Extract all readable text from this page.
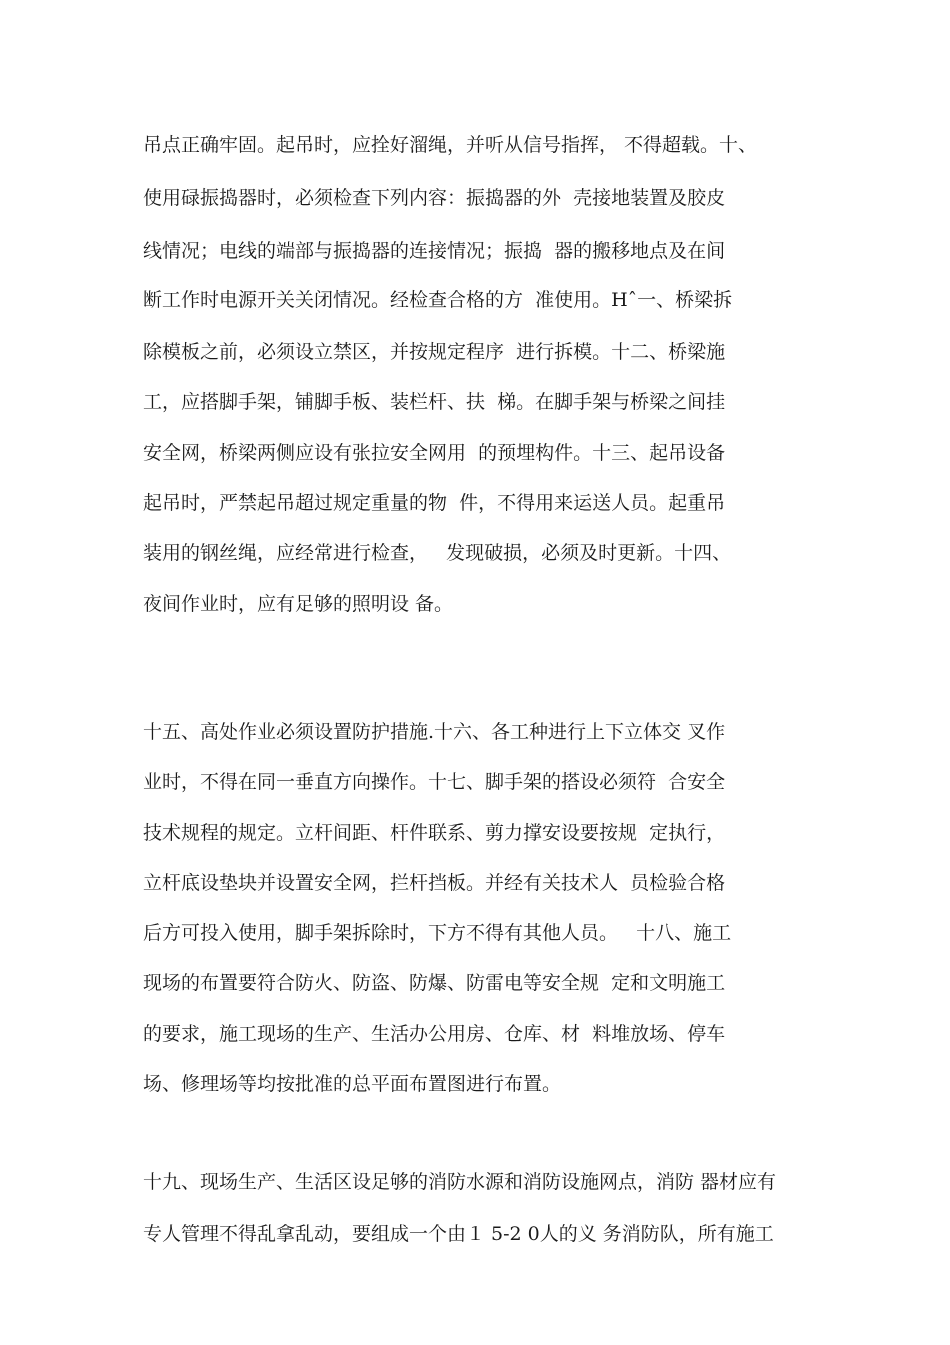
吊点正确牢固。起吊时，应拴好溜绳，并听从信号指挥， 不得超载。十、

使用碌振捣器时，必须检查下列内容：振捣器的外  壳接地装置及胶皮

线情况；电线的端部与振捣器的连接情况；振捣  器的搬移地点及在间

断工作时电源开关关闭情况。经检查合格的方  准使用。Hˆ一、桥梁拆

除模板之前，必须设立禁区，并按规定程序  进行拆模。十二、桥梁施

工，应搭脚手架，铺脚手板、装栏杆、扶  梯。在脚手架与桥梁之间挂

安全网，桥梁两侧应设有张拉安全网用  的预埋构件。十三、起吊设备

起吊时，严禁起吊超过规定重量的物  件，不得用来运送人员。起重吊

装用的钢丝绳，应经常进行检查，   发现破损，必须及时更新。十四、

夜间作业时，应有足够的照明设 备。

十五、高处作业必须设置防护措施.十六、各工种进行上下立体交 叉作

业时，不得在同一垂直方向操作。十七、脚手架的搭设必须符  合安全

技术规程的规定。立杆间距、杆件联系、剪力撑安设要按规  定执行，

立杆底设垫块并设置安全网，拦杆挡板。并经有关技术人  员检验合格

后方可投入使用，脚手架拆除时，下方不得有其他人员。   十八、施工

现场的布置要符合防火、防盗、防爆、防雷电等安全规  定和文明施工

的要求，施工现场的生产、生活办公用房、仓库、材  料堆放场、停车

场、修理场等均按批准的总平面布置图进行布置。

十九、现场生产、生活区设足够的消防水源和消防设施网点，消防 器材应有

专人管理不得乱拿乱动，要组成一个由１ 5-2 0人的义 务消防队，所有施工
